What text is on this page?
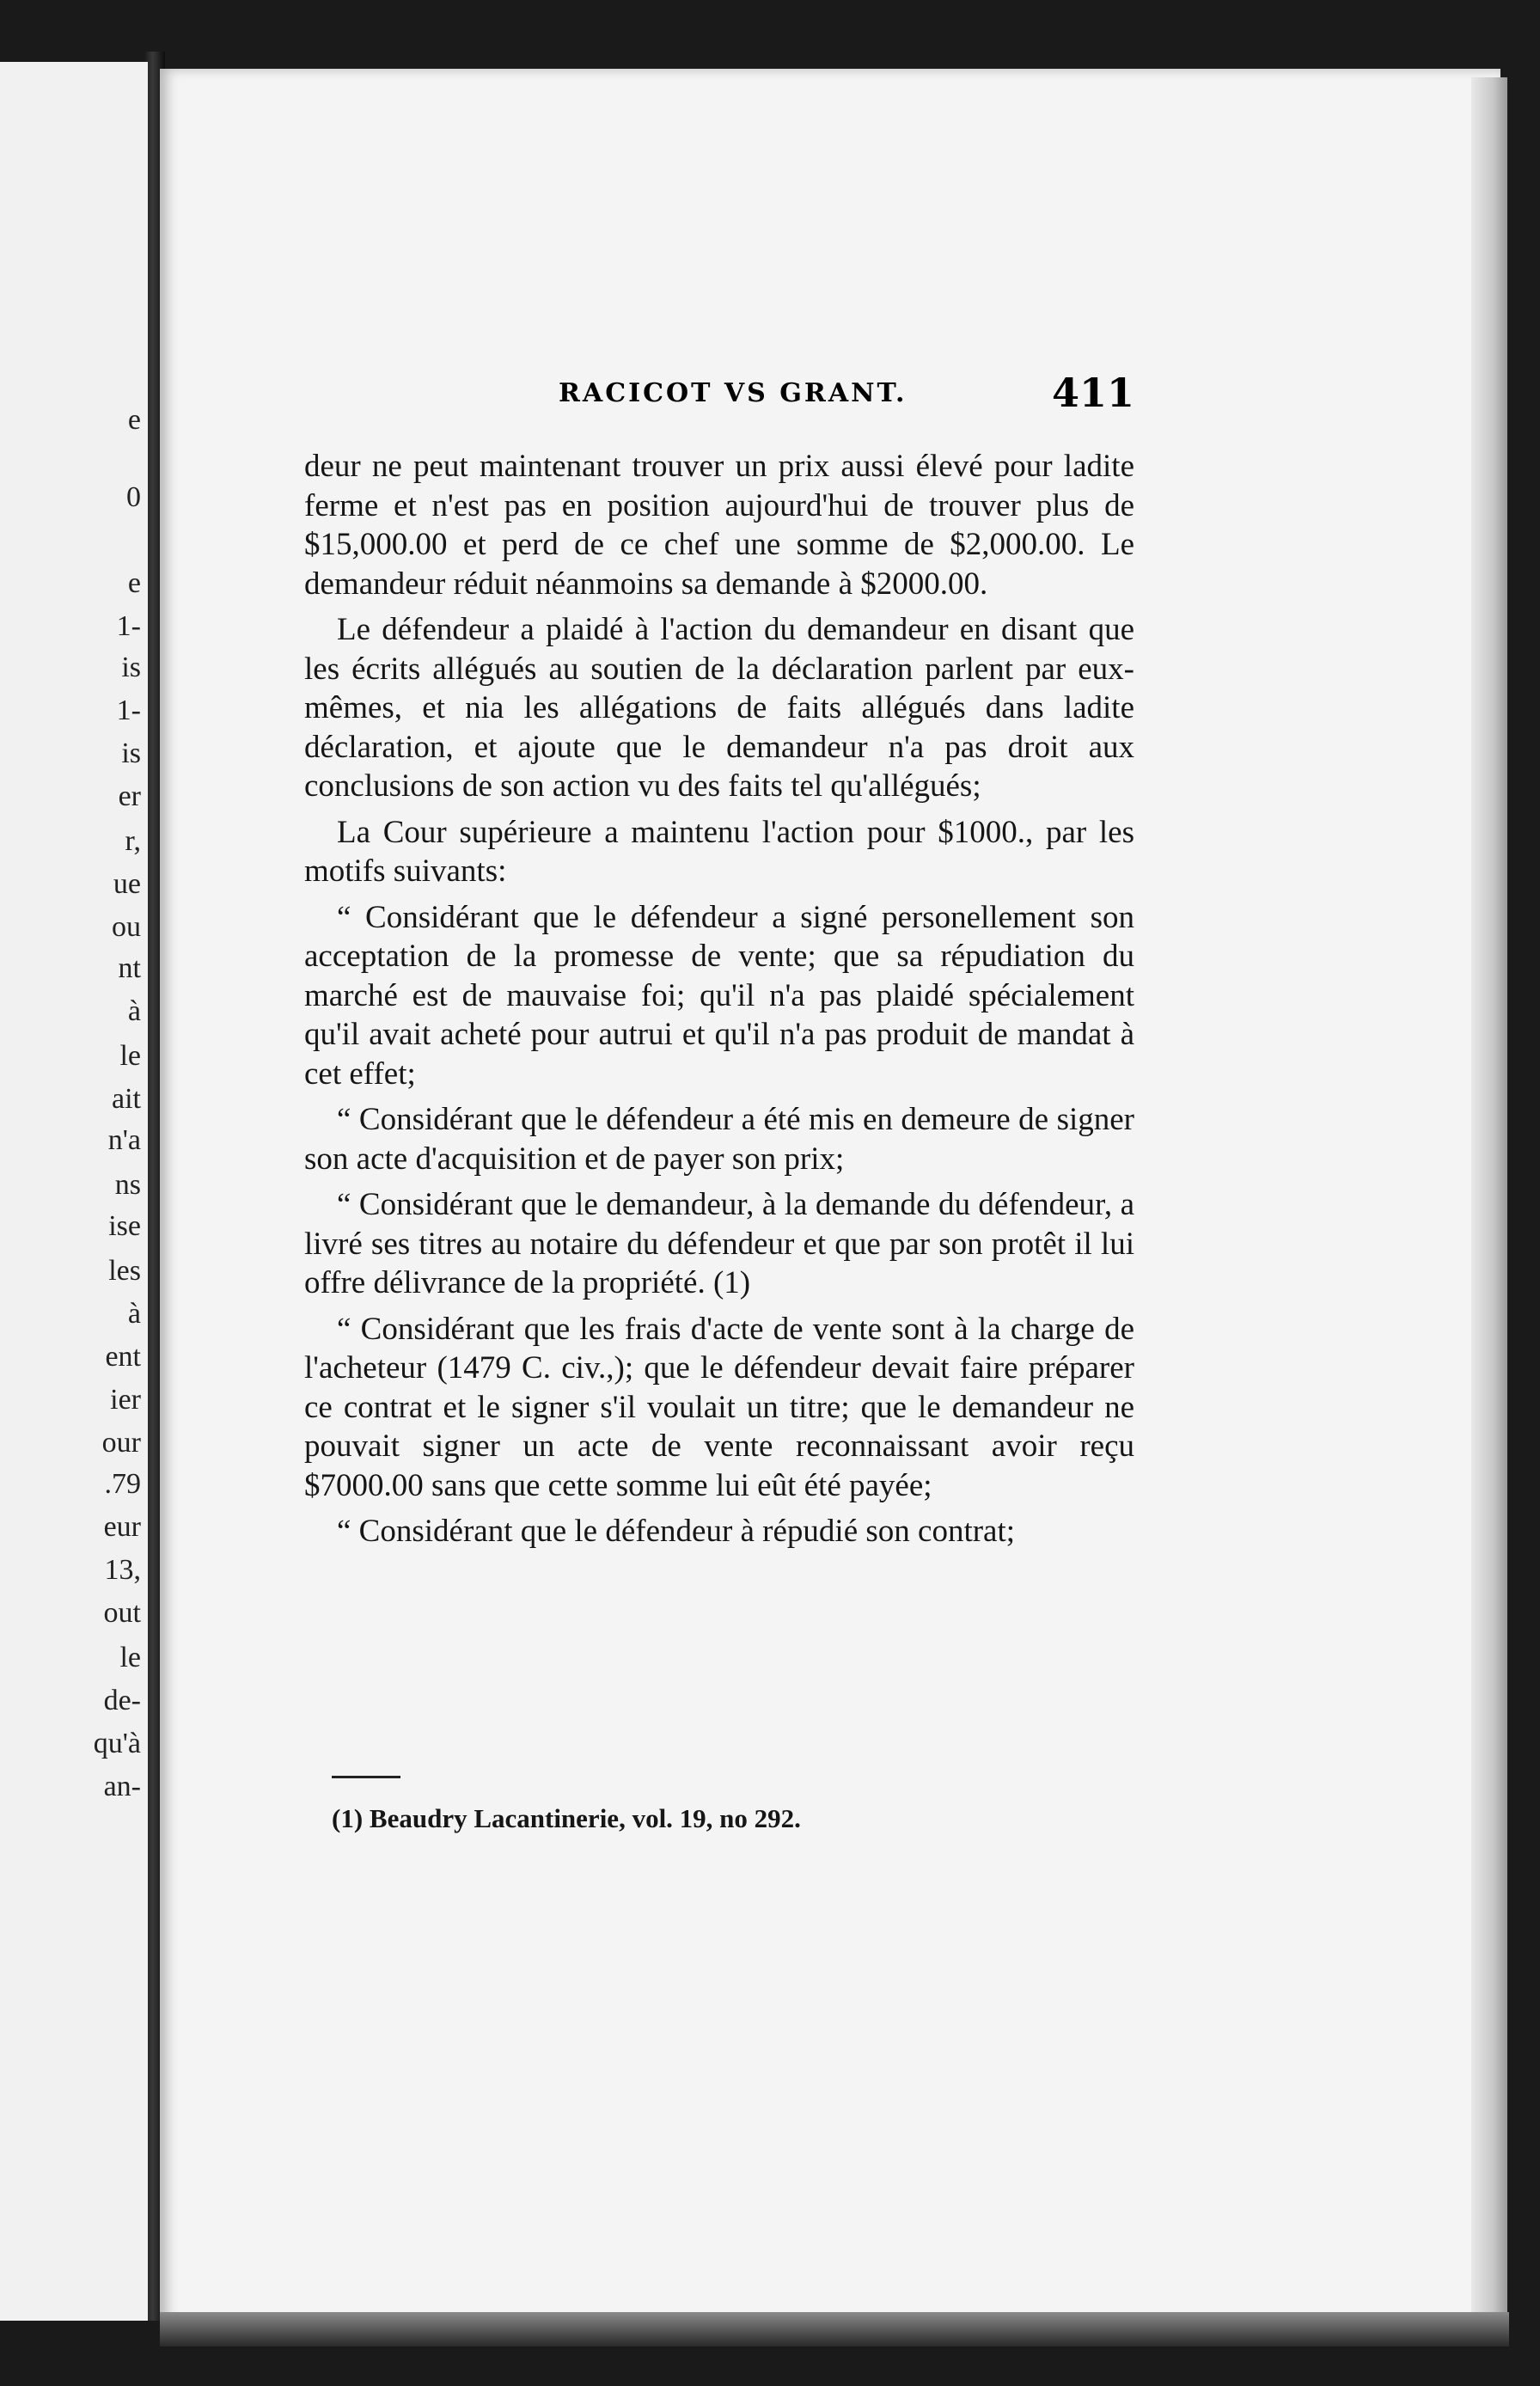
e
0
e
1-
is
1-
is
er
r,
ue
ou
nt
à
le
ait
n'a
ns
ise
les
à
ent
ier
our
.79
eur
13,
out
le
de-
qu'à
an-
RACICOT VS GRANT.	411

deur ne peut maintenant trouver un prix aussi élevé pour ladite ferme et n'est pas en position aujourd'hui de trouver plus de $15,000.00 et perd de ce chef une somme de $2,000.00. Le demandeur réduit néanmoins sa demande à $2000.00.

Le défendeur a plaidé à l'action du demandeur en disant que les écrits allégués au soutien de la déclaration parlent par eux-mêmes, et nia les allégations de faits allégués dans ladite déclaration, et ajoute que le demandeur n'a pas droit aux conclusions de son action vu des faits tel qu'allégués;

La Cour supérieure a maintenu l'action pour $1000., par les motifs suivants:

“ Considérant que le défendeur a signé personellement son acceptation de la promesse de vente; que sa répudiation du marché est de mauvaise foi; qu'il n'a pas plaidé spécialement qu'il avait acheté pour autrui et qu'il n'a pas produit de mandat à cet effet;

“ Considérant que le défendeur a été mis en demeure de signer son acte d'acquisition et de payer son prix;

“ Considérant que le demandeur, à la demande du défendeur, a livré ses titres au notaire du défendeur et que par son protêt il lui offre délivrance de la propriété. (1)

“ Considérant que les frais d'acte de vente sont à la charge de l'acheteur (1479 C. civ.,); que le défendeur devait faire préparer ce contrat et le signer s'il voulait un titre; que le demandeur ne pouvait signer un acte de vente reconnaissant avoir reçu $7000.00 sans que cette somme lui eût été payée;

“ Considérant que le défendeur à répudié son contrat;

(1) Beaudry Lacantinerie, vol. 19, no 292.
